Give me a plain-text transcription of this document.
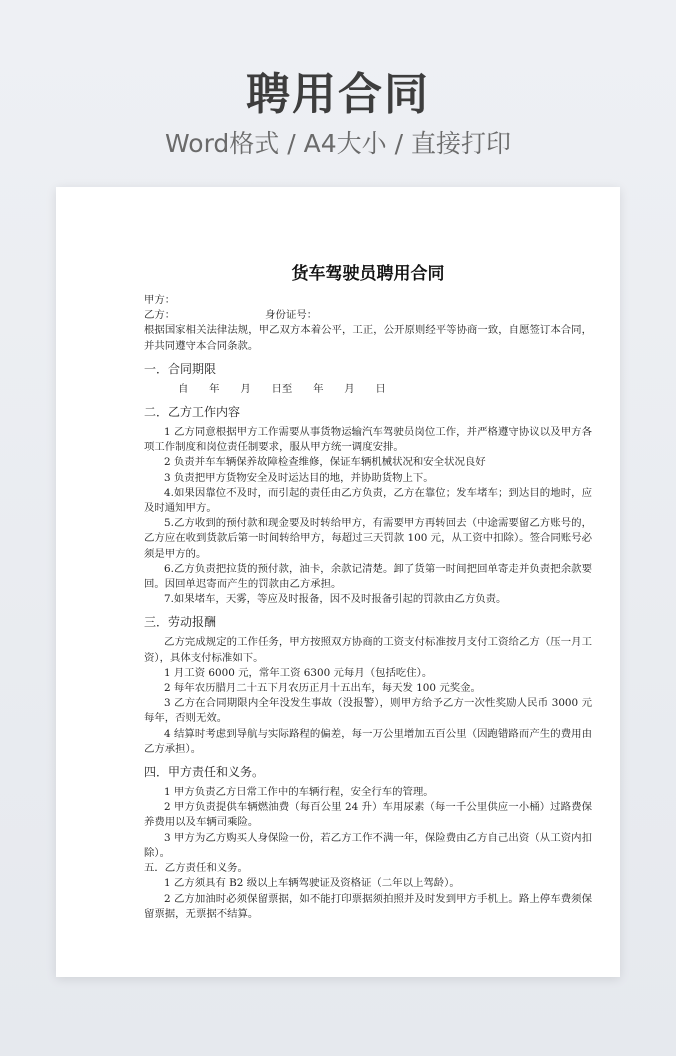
聘用合同
Word格式 / A4大小 / 直接打印
货车驾驶员聘用合同

甲方：

乙方：	身份证号：

根据国家相关法律法规，甲乙双方本着公平，工正，公开原则经平等协商一致，自愿签订本合同，并共同遵守本合同条款。

一．合同期限
自　　年　　月　　日至　　年　　月　　日
二．乙方工作内容

1 乙方同意根据甲方工作需要从事货物运输汽车驾驶员岗位工作，并严格遵守协议以及甲方各项工作制度和岗位责任制要求，服从甲方统一调度安排。

2 负责并车车辆保养故障检查维修，保证车辆机械状况和安全状况良好

3 负责把甲方货物安全及时运达目的地，并协助货物上下。

4.如果因靠位不及时，而引起的责任由乙方负责，乙方在靠位；发车堵车；到达目的地时，应及时通知甲方。

5.乙方收到的预付款和现金要及时转给甲方，有需要甲方再转回去（中途需要留乙方账号的，乙方应在收到货款后第一时间转给甲方，每超过三天罚款 100 元，从工资中扣除）。签合同账号必须是甲方的。

6.乙方负责把拉货的预付款，油卡，余款记清楚。卸了货第一时间把回单寄走并负责把余款要回。因回单迟寄而产生的罚款由乙方承担。

7.如果堵车，天雾，等应及时报备，因不及时报备引起的罚款由乙方负责。

三．劳动报酬

乙方完成规定的工作任务，甲方按照双方协商的工资支付标准按月支付工资给乙方（压一月工资），具体支付标准如下。

1 月工资 6000 元，常年工资 6300 元每月（包括吃住）。

2 每年农历腊月二十五下月农历正月十五出车，每天发 100 元奖金。

3 乙方在合同期限内全年没发生事故（没报警），则甲方给予乙方一次性奖励人民币 3000 元每年，否则无效。

4 结算时考虑到导航与实际路程的偏差，每一万公里增加五百公里（因跑错路而产生的费用由乙方承担）。

四．甲方责任和义务。

1 甲方负责乙方日常工作中的车辆行程，安全行车的管理。

2 甲方负责提供车辆燃油费（每百公里 24 升）车用尿素（每一千公里供应一小桶）过路费保养费用以及车辆司乘险。

3 甲方为乙方购买人身保险一份，若乙方工作不满一年，保险费由乙方自己出资（从工资内扣除）。

五．乙方责任和义务。

1 乙方须具有 B2 级以上车辆驾驶证及资格证（二年以上驾龄）。

2 乙方加油时必须保留票据，如不能打印票据须拍照并及时发到甲方手机上。路上停车费须保留票据，无票据不结算。
